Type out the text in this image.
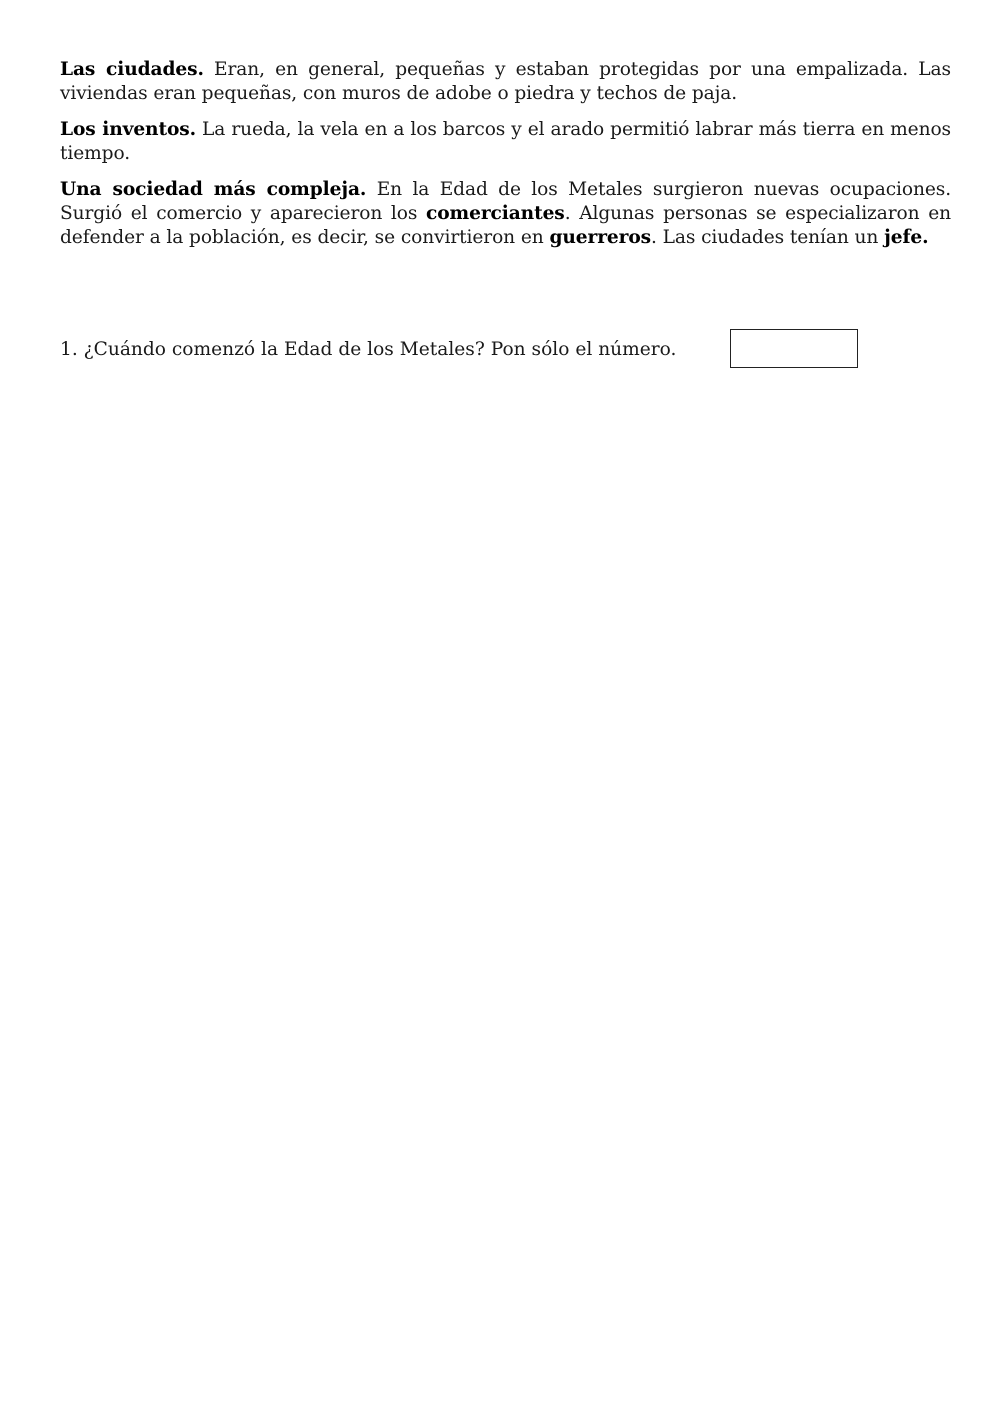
Las ciudades. Eran, en general, pequeñas y estaban protegidas por una empalizada. Las viviendas eran pequeñas, con muros de adobe o piedra y techos de paja.

Los inventos. La rueda, la vela en a los barcos y el arado permitió labrar más tierra en menos tiempo.

Una sociedad más compleja. En la Edad de los Metales surgieron nuevas ocupaciones. Surgió el comercio y aparecieron los comerciantes. Algunas personas se especializaron en defender a la población, es decir, se convirtieron en guerreros. Las ciudades tenían un jefe.

1. ¿Cuándo comenzó la Edad de los Metales? Pon sólo el número.
